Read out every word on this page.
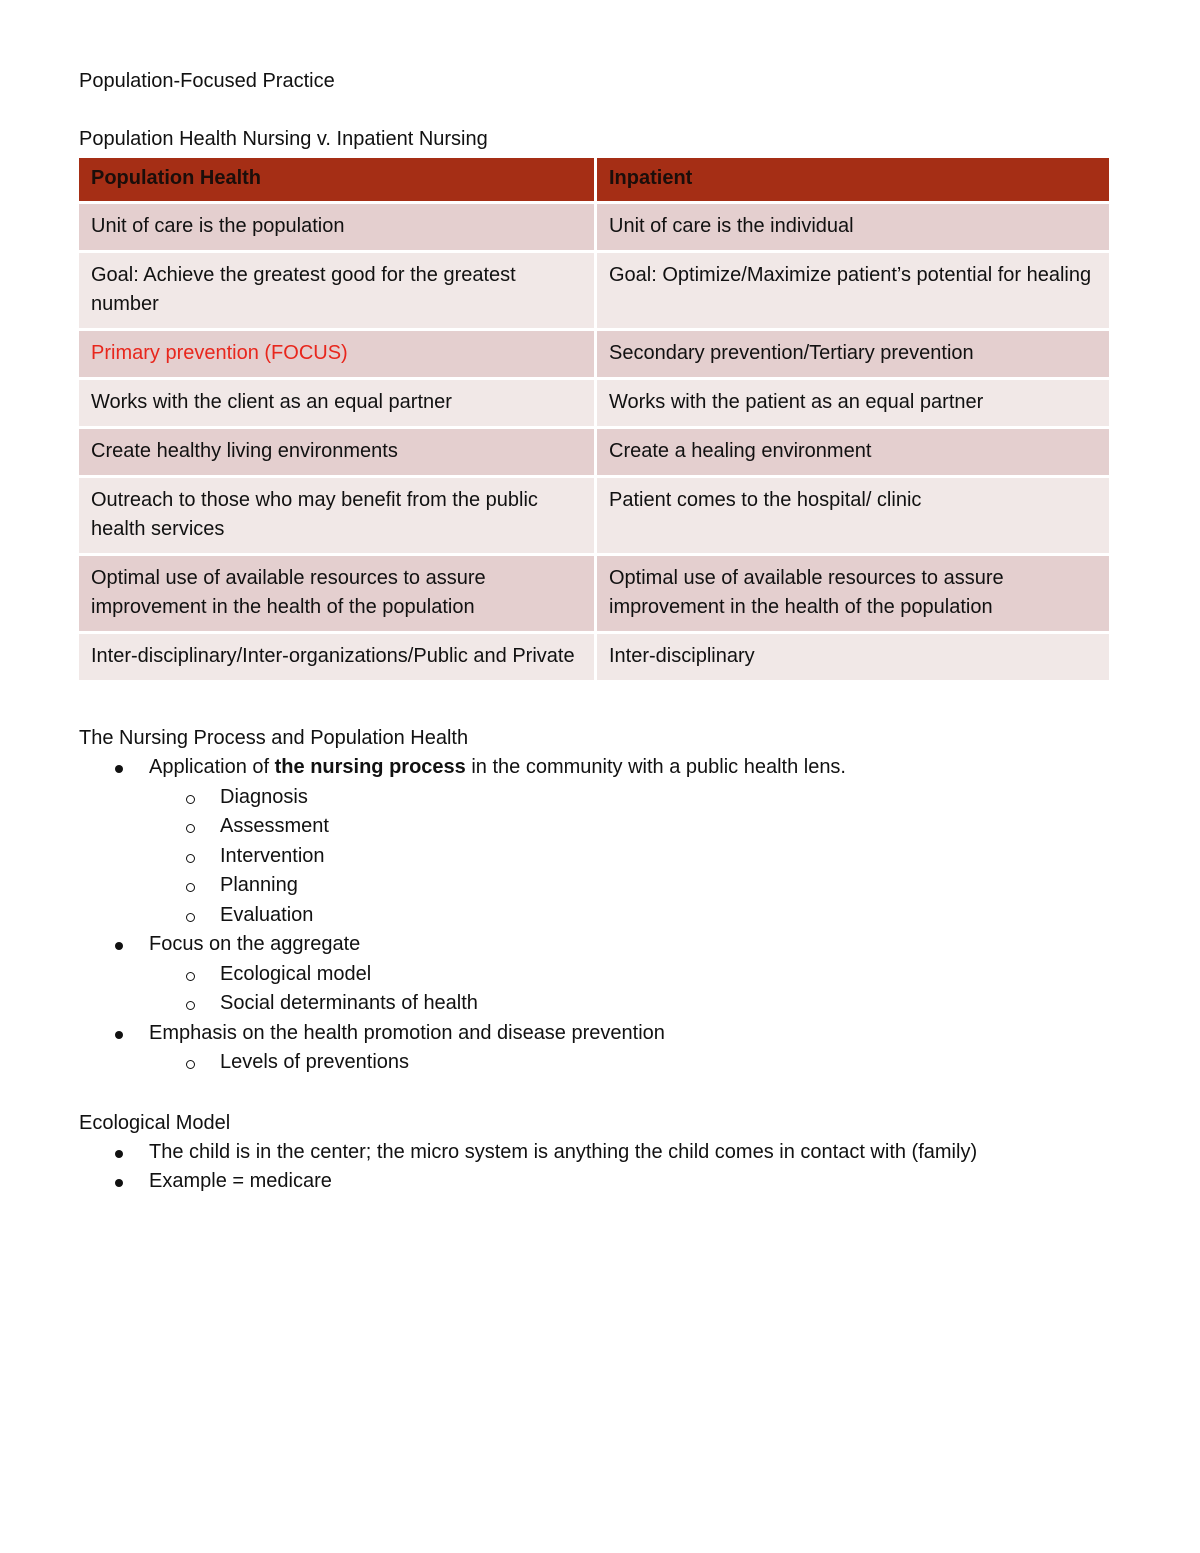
Population-Focused Practice

Population Health Nursing v. Inpatient Nursing

Population Health	Inpatient
Unit of care is the population	Unit of care is the individual
Goal: Achieve the greatest good for the greatest number	Goal: Optimize/Maximize patient’s potential for healing
Primary prevention (FOCUS)	Secondary prevention/Tertiary prevention
Works with the client as an equal partner	Works with the patient as an equal partner
Create healthy living environments	Create a healing environment
Outreach to those who may benefit from the public health services	Patient comes to the hospital/ clinic
Optimal use of available resources to assure improvement in the health of the population	Optimal use of available resources to assure improvement in the health of the population
Inter-disciplinary/Inter-organizations/Public and Private	Inter-disciplinary

The Nursing Process and Population Health

Application of the nursing process in the community with a public health lens.
Diagnosis
Assessment
Intervention
Planning
Evaluation
Focus on the aggregate
Ecological model
Social determinants of health
Emphasis on the health promotion and disease prevention
Levels of preventions

Ecological Model

The child is in the center; the micro system is anything the child comes in contact with (family)
Example = medicare
